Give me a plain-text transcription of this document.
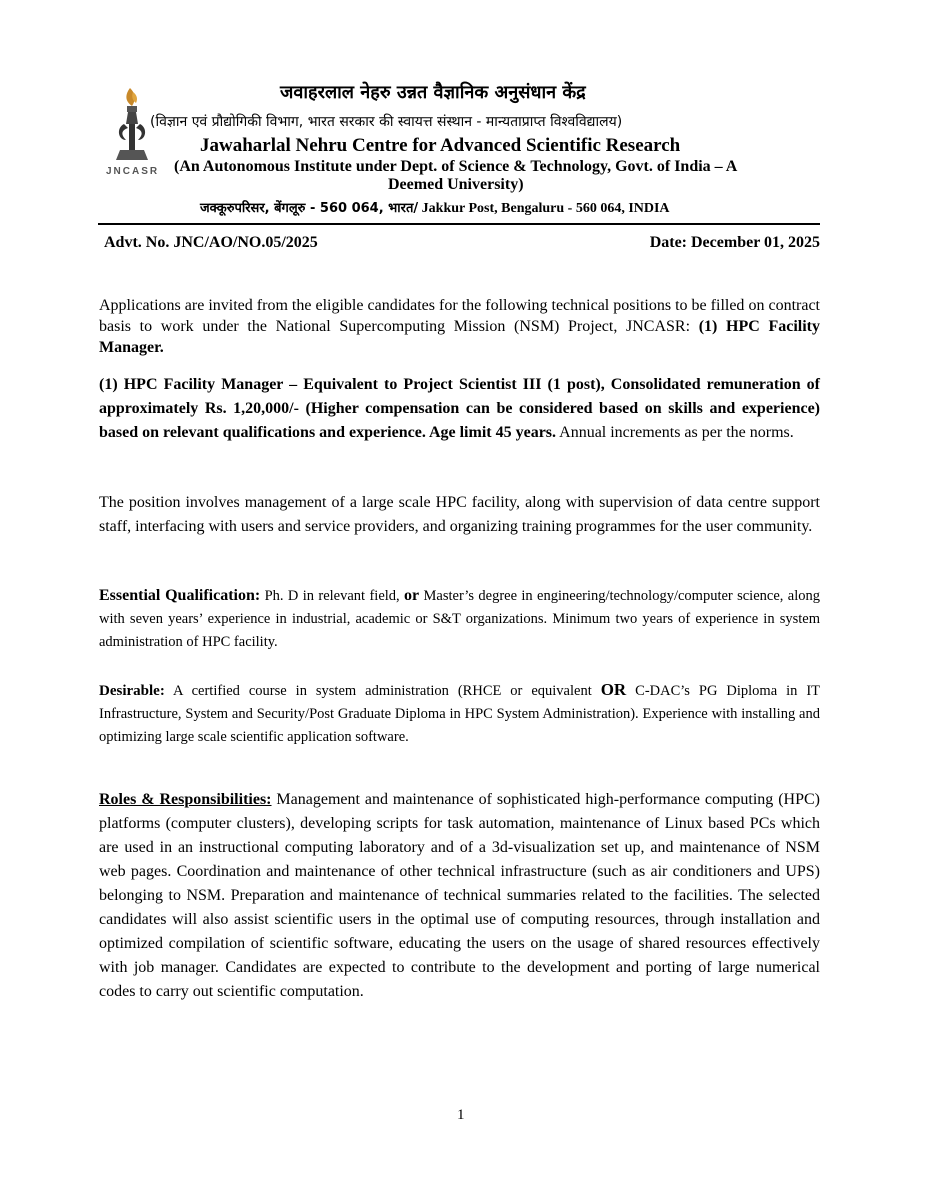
JNCASR
जवाहरलाल नेहरु उन्नत वैज्ञानिक अनुसंधान केंद्र
(विज्ञान एवं प्रौद्योगिकी विभाग, भारत सरकार की स्वायत्त संस्थान - मान्यताप्राप्त विश्वविद्यालय)
Jawaharlal Nehru Centre for Advanced Scientific Research
(An Autonomous Institute under Dept. of Science & Technology, Govt. of India – A
Deemed University)
जक्कूरुपरिसर, बेंगलूरु - 560 064, भारत/ Jakkur Post, Bengaluru - 560 064, INDIA
Advt. No. JNC/AO/NO.05/2025	Date: December 01, 2025
Applications are invited from the eligible candidates for the following technical positions to be filled on contract basis to work under the National Supercomputing Mission (NSM) Project, JNCASR: (1) HPC Facility Manager.
(1) HPC Facility Manager – Equivalent to Project Scientist III (1 post), Consolidated remuneration of approximately Rs. 1,20,000/- (Higher compensation can be considered based on skills and experience) based on relevant qualifications and experience. Age limit 45 years. Annual increments as per the norms.
The position involves management of a large scale HPC facility, along with supervision of data centre support staff, interfacing with users and service providers, and organizing training programmes for the user community.
Essential Qualification: Ph. D in relevant field, or Master’s degree in engineering/technology/computer science, along with seven years’ experience in industrial, academic or S&T organizations. Minimum two years of experience in system administration of HPC facility.
Desirable: A certified course in system administration (RHCE or equivalent OR C-DAC’s PG Diploma in IT Infrastructure, System and Security/Post Graduate Diploma in HPC System Administration). Experience with installing and optimizing large scale scientific application software.
Roles & Responsibilities: Management and maintenance of sophisticated high-performance computing (HPC) platforms (computer clusters), developing scripts for task automation, maintenance of Linux based PCs which are used in an instructional computing laboratory and of a 3d-visualization set up, and maintenance of NSM web pages. Coordination and maintenance of other technical infrastructure (such as air conditioners and UPS) belonging to NSM. Preparation and maintenance of technical summaries related to the facilities. The selected candidates will also assist scientific users in the optimal use of computing resources, through installation and optimized compilation of scientific software, educating the users on the usage of shared resources effectively with job manager. Candidates are expected to contribute to the development and porting of large numerical codes to carry out scientific computation.
1
